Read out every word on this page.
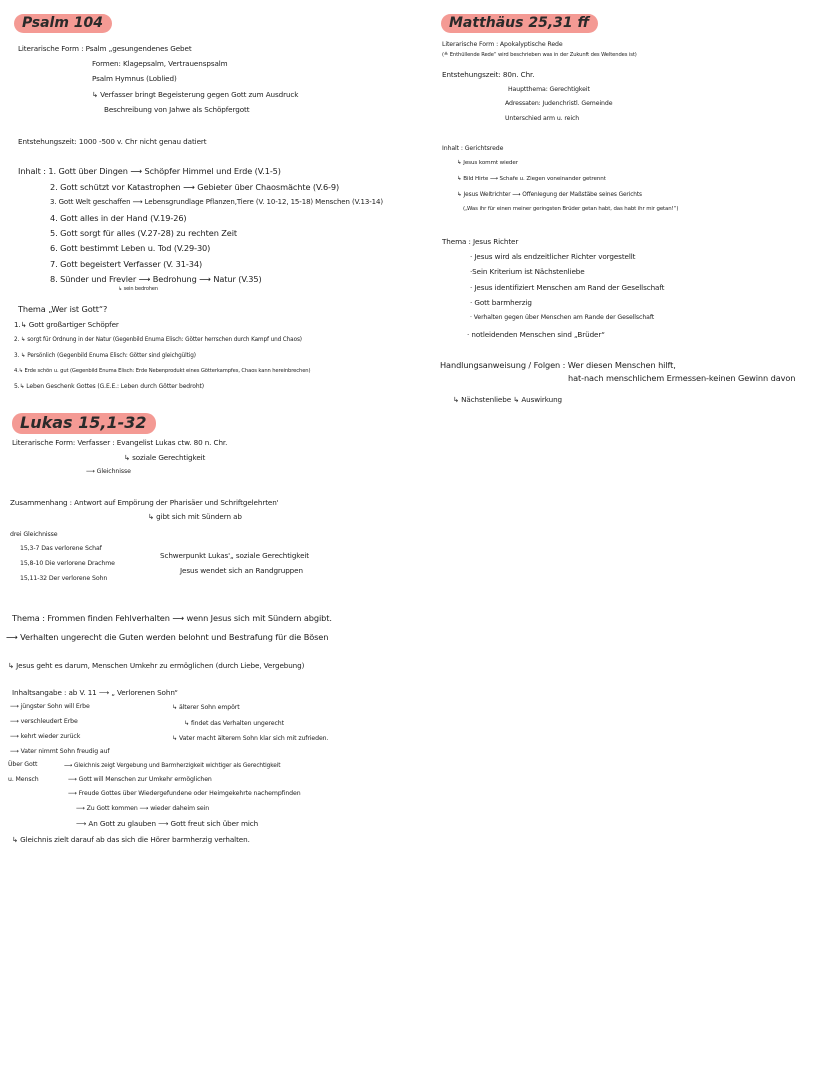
Psalm 104
Literarische Form : Psalm „gesungendenes Gebet
Formen: Klagepsalm, Vertrauenspsalm
Psalm Hymnus (Loblied)
↳ Verfasser bringt Begeisterung gegen Gott zum Ausdruck
Beschreibung von Jahwe als Schöpfergott
Entstehungszeit: 1000 -500 v. Chr nicht genau datiert
Inhalt : 1. Gott über Dingen ⟶ Schöpfer Himmel und Erde (V.1-5)
2. Gott schützt vor Katastrophen ⟶ Gebieter über Chaosmächte (V.6-9)
3. Gott Welt geschaffen ⟶ Lebensgrundlage Pflanzen,Tiere (V. 10-12, 15-18) Menschen (V.13-14)
4. Gott alles in der Hand (V.19-26)
5. Gott sorgt für alles (V.27-28) zu rechten Zeit
6. Gott bestimmt Leben u. Tod (V.29-30)
7. Gott begeistert Verfasser (V. 31-34)
8. Sünder und Frevler ⟶ Bedrohung ⟶ Natur (V.35)
↳ sein bedrohen
Thema „Wer ist Gott“?
1.↳ Gott großartiger Schöpfer
2. ↳ sorgt für Ordnung in der Natur (Gegenbild Enuma Elisch: Götter herrschen durch Kampf und Chaos)
3. ↳ Persönlich (Gegenbild Enuma Elisch: Götter sind gleichgültig)
4.↳ Erde schön u. gut (Gegenbild Enuma Elisch: Erde Nebenprodukt eines Götterkampfes, Chaos kann hereinbrechen)
5.↳ Leben Geschenk Gottes (G.E.E.: Leben durch Götter bedroht)
Matthäus 25,31 ff
Literarische Form : Apokalyptische Rede
(≙ Enthüllende Rede“ wird beschrieben was in der Zukunft des Weltendes ist)
Entstehungszeit: 80n. Chr.
Hauptthema: Gerechtigkeit
Adressaten: Judenchristl. Gemeinde
Unterschied arm u. reich
Inhalt : Gerichtsrede
↳ Jesus kommt wieder
↳ Bild Hirte ⟶ Schafe u. Ziegen voneinander getrennt
↳ Jesus Weltrichter ⟶ Offenlegung der Maßstäbe seines Gerichts
(„Was ihr für einen meiner geringsten Brüder getan habt, das habt ihr mir getan!“)
Thema : Jesus Richter
· Jesus wird als endzeitlicher Richter vorgestellt
·Sein Kriterium ist Nächstenliebe
· Jesus identifiziert Menschen am Rand der Gesellschaft
· Gott barmherzig
· Verhalten gegen über Menschen am Rande der Gesellschaft
· notleidenden Menschen sind „Brüder“
Handlungsanweisung / Folgen : Wer diesen Menschen hilft,
hat-nach menschlichem Ermessen-keinen Gewinn davon
↳ Nächstenliebe ↳ Auswirkung
Lukas 15,1-32
Literarische Form: Verfasser : Evangelist Lukas ctw. 80 n. Chr.
↳ soziale Gerechtigkeit
⟶ Gleichnisse
Zusammenhang : Antwort auf Empörung der Pharisäer und Schriftgelehrten'
↳ gibt sich mit Sündern ab
drei Gleichnisse
15,3-7 Das verlorene Schaf
15,8-10 Die verlorene Drachme
15,11-32 Der verlorene Sohn
Schwerpunkt Lukas'„ soziale Gerechtigkeit
Jesus wendet sich an Randgruppen
Thema : Frommen finden Fehlverhalten ⟶ wenn Jesus sich mit Sündern abgibt.
⟶ Verhalten ungerecht die Guten werden belohnt und Bestrafung für die Bösen
↳ Jesus geht es darum, Menschen Umkehr zu ermöglichen (durch Liebe, Vergebung)
Inhaltsangabe : ab V. 11 ⟶ „ Verlorenen Sohn“
⟶ jüngster Sohn will Erbe
⟶ verschleudert Erbe
⟶ kehrt wieder zurück
⟶ Vater nimmt Sohn freudig auf
↳ älterer Sohn empört
↳ findet das Verhalten ungerecht
↳ Vater macht älterem Sohn klar sich mit zufrieden.
Über Gott
u. Mensch
⟶ Gleichnis zeigt Vergebung und Barmherzigkeit wichtiger als Gerechtigkeit
⟶ Gott will Menschen zur Umkehr ermöglichen
⟶ Freude Gottes über Wiedergefundene oder Heimgekehrte nachempfinden
⟶ Zu Gott kommen ⟶ wieder daheim sein
⟶ An Gott zu glauben ⟶ Gott freut sich über mich
↳ Gleichnis zielt darauf ab das sich die Hörer barmherzig verhalten.
